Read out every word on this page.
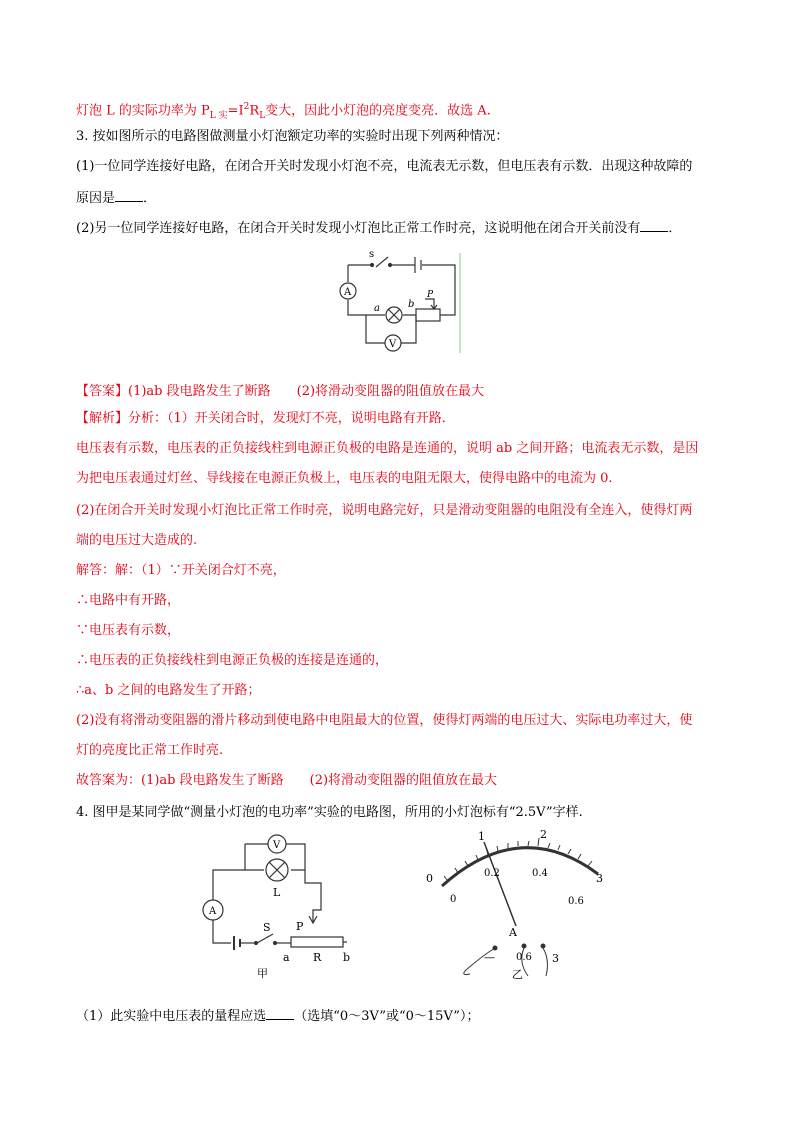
灯泡 L 的实际功率为 $P_{L 实}=I^2R_L$变大，因此小灯泡的亮度变亮．故选 A.
3. 按如图所示的电路图做测量小灯泡额定功率的实验时出现下列两种情况：
(1)一位同学连接好电路，在闭合开关时发现小灯泡不亮，电流表无示数，但电压表有示数．出现这种故障的
原因是 ．
(2)另一位同学连接好电路，在闭合开关时发现小灯泡比正常工作时亮，这说明他在闭合开关前没有 ．
s
A
a	b
P
V
【答案】(1)ab 段电路发生了断路　　(2)将滑动变阻器的阻值放在最大
【解析】分析：（1）开关闭合时，发现灯不亮，说明电路有开路．
电压表有示数，电压表的正负接线柱到电源正负极的电路是连通的，说明 ab 之间开路；电流表无示数，是因
为把电压表通过灯丝、导线接在电源正负极上，电压表的电阻无限大，使得电路中的电流为 0.
(2)在闭合开关时发现小灯泡比正常工作时亮，说明电路完好，只是滑动变阻器的电阻没有全连入，使得灯两
端的电压过大造成的.
解答：解：（1）∵开关闭合灯不亮，
∴电路中有开路，
∵电压表有示数，
∴电压表的正负接线柱到电源正负极的连接是连通的，
∴a、b 之间的电路发生了开路；
(2)没有将滑动变阻器的滑片移动到使电路中电阻最大的位置，使得灯两端的电压过大、实际电功率过大，使
灯的亮度比正常工作时亮.
故答案为：(1)ab 段电路发生了断路　　(2)将滑动变阻器的阻值放在最大
4. 图甲是某同学做“测量小灯泡的电功率”实验的电路图，所用的小灯泡标有“2.5V”字样.
V
L
A
S P
a R b
甲
1	2
3
0
0
0.2	0.4
0.6
A
— 0.6 3
乙
（1）此实验中电压表的量程应选 （选填“0～3V”或“0～15V”）；
